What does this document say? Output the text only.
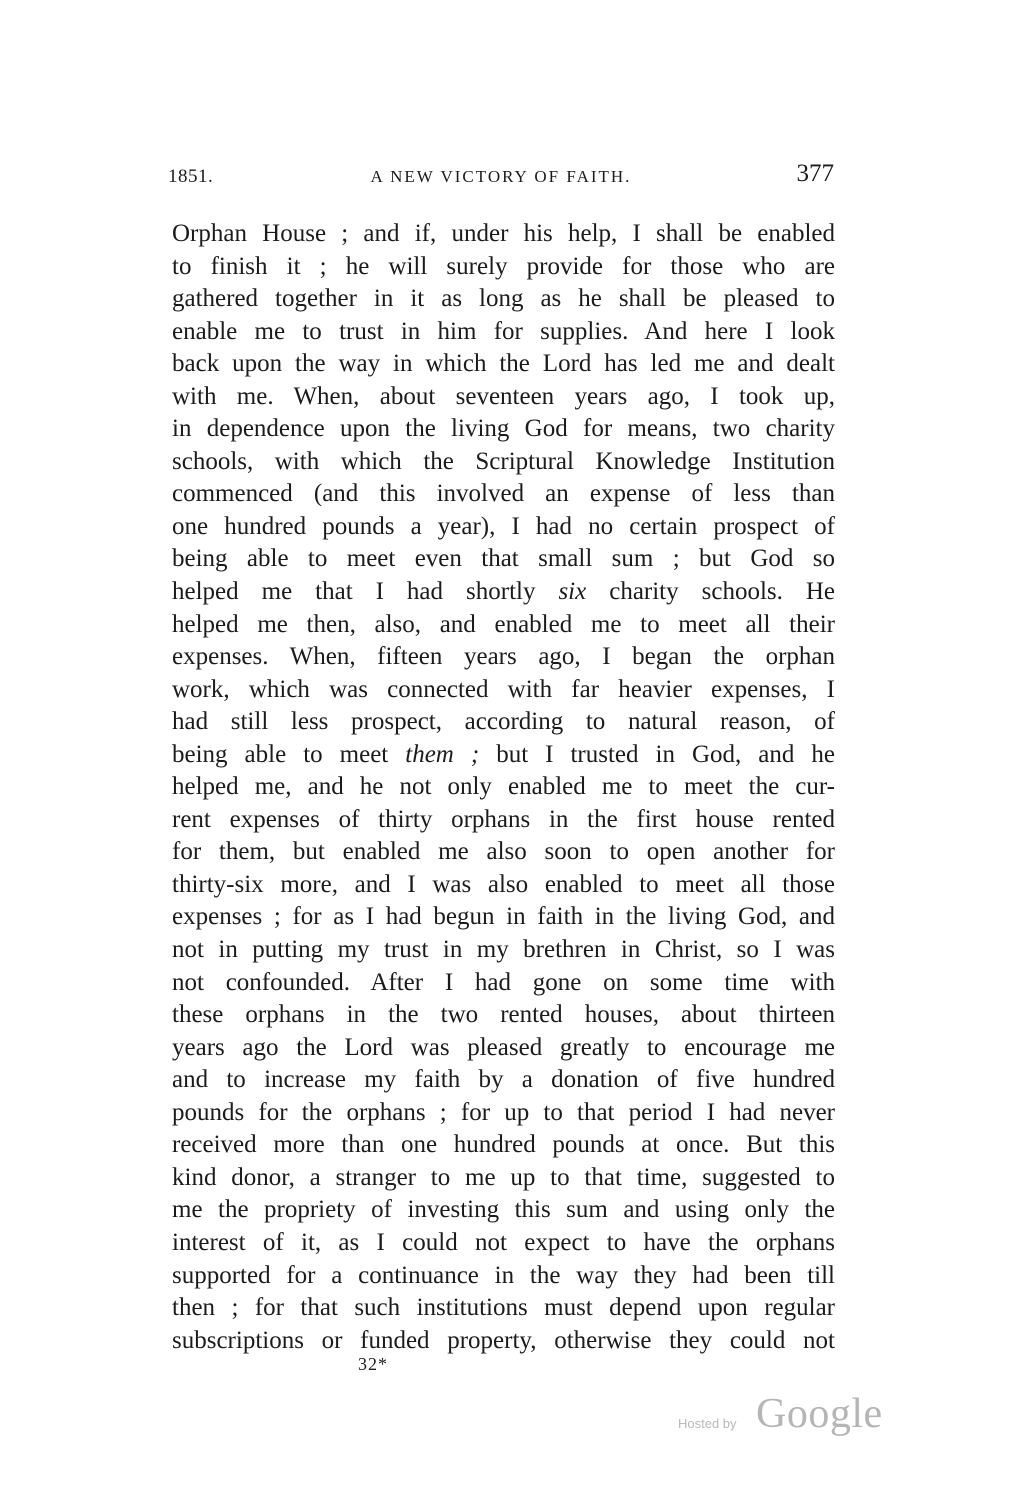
1851.	A NEW VICTORY OF FAITH.	377
Orphan House ; and if, under his help, I shall be enabled
to finish it ; he will surely provide for those who are
gathered together in it as long as he shall be pleased to
enable me to trust in him for supplies. And here I look
back upon the way in which the Lord has led me and dealt
with me. When, about seventeen years ago, I took up,
in dependence upon the living God for means, two charity
schools, with which the Scriptural Knowledge Institution
commenced (and this involved an expense of less than
one hundred pounds a year), I had no certain prospect of
being able to meet even that small sum ; but God so
helped me that I had shortly six charity schools. He
helped me then, also, and enabled me to meet all their
expenses. When, fifteen years ago, I began the orphan
work, which was connected with far heavier expenses, I
had still less prospect, according to natural reason, of
being able to meet them ; but I trusted in God, and he
helped me, and he not only enabled me to meet the cur-
rent expenses of thirty orphans in the first house rented
for them, but enabled me also soon to open another for
thirty-six more, and I was also enabled to meet all those
expenses ; for as I had begun in faith in the living God, and
not in putting my trust in my brethren in Christ, so I was
not confounded. After I had gone on some time with
these orphans in the two rented houses, about thirteen
years ago the Lord was pleased greatly to encourage me
and to increase my faith by a donation of five hundred
pounds for the orphans ; for up to that period I had never
received more than one hundred pounds at once. But this
kind donor, a stranger to me up to that time, suggested to
me the propriety of investing this sum and using only the
interest of it, as I could not expect to have the orphans
supported for a continuance in the way they had been till
then ; for that such institutions must depend upon regular
subscriptions or funded property, otherwise they could not
32*
Hosted by Google
